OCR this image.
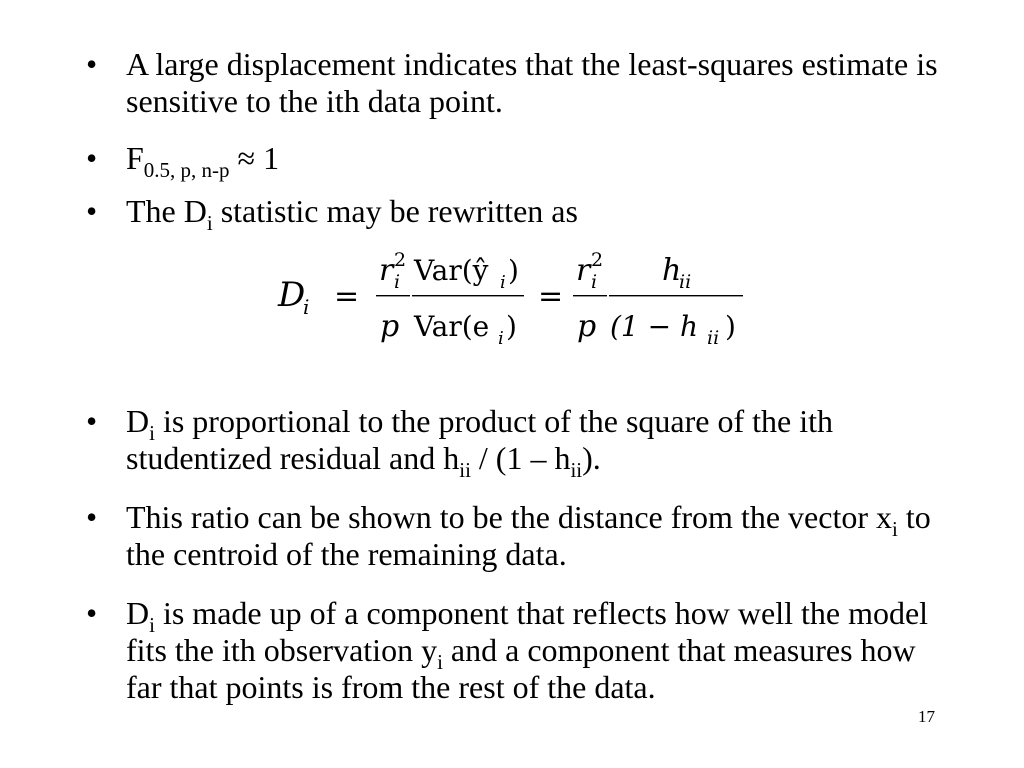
• A large displacement indicates that the least-squares estimate is sensitive to the ith data point.
• $F_{0.5, p, n-p} \approx 1$
• The $D_i$ statistic may be rewritten as
D
i =
r 2
i
p
Var(ŷ i )
Var(e i )
=
r 2
i
p
h
ii
(1 − h ii )
• $D_i$ is proportional to the product of the square of the ith studentized residual and $h_{ii} / (1 - h_{ii})$.
• This ratio can be shown to be the distance from the vector $x_i$ to the centroid of the remaining data.
• $D_i$ is made up of a component that reflects how well the model fits the ith observation $y_i$ and a component that measures how far that points is from the rest of the data.
17
